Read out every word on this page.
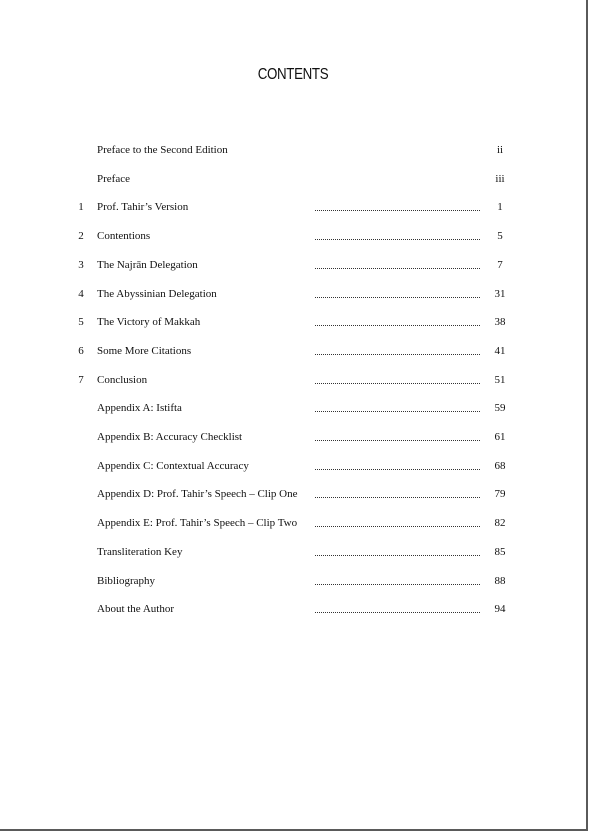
CONTENTS
Preface to the Second Edition	ii
Preface	iii
1 Prof. Tahir’s Version	1
2 Contentions	5
3 The Najrān Delegation	7
4 The Abyssinian Delegation	31
5 The Victory of Makkah	38
6 Some More Citations	41
7 Conclusion	51
Appendix A: Istifta	59
Appendix B: Accuracy Checklist	61
Appendix C: Contextual Accuracy	68
Appendix D: Prof. Tahir’s Speech – Clip One	79
Appendix E: Prof. Tahir’s Speech – Clip Two	82
Transliteration Key	85
Bibliography	88
About the Author	94
